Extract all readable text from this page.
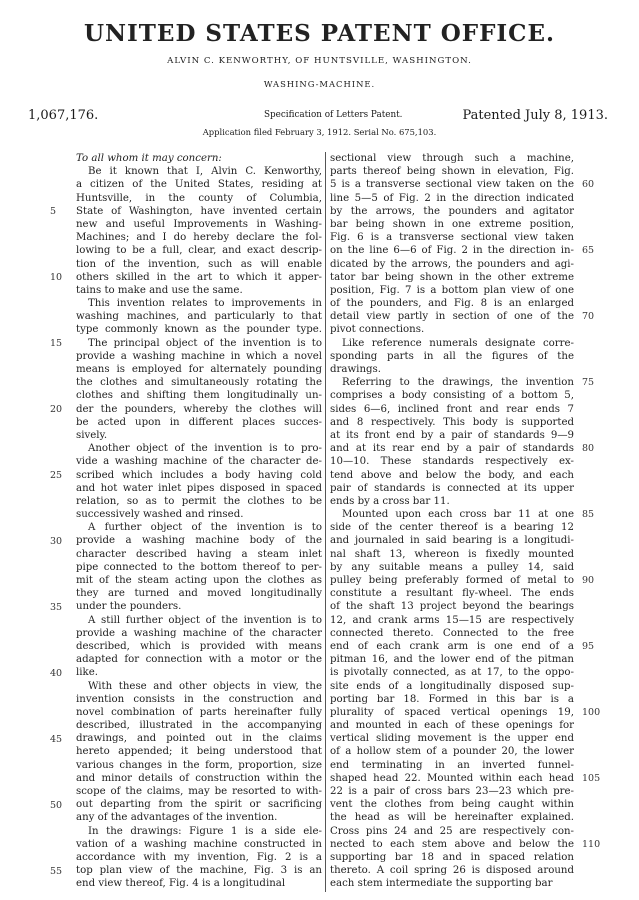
UNITED STATES PATENT OFFICE.
ALVIN C. KENWORTHY, OF HUNTSVILLE, WASHINGTON.
WASHING-MACHINE.
1,067,176.	Specification of Letters Patent.	Patented July 8, 1913.
Application filed February 3, 1912. Serial No. 675,103.
To all whom it may concern:
Be it known that I, Alvin C. Kenworthy,
a citizen of the United States, residing at
Huntsville, in the county of Columbia,
State of Washington, have invented certain
new and useful Improvements in Washing-
Machines; and I do hereby declare the fol-
lowing to be a full, clear, and exact descrip-
tion of the invention, such as will enable
others skilled in the art to which it apper-
tains to make and use the same.
This invention relates to improvements in
washing machines, and particularly to that
type commonly known as the pounder type.
The principal object of the invention is to
provide a washing machine in which a novel
means is employed for alternately pounding
the clothes and simultaneously rotating the
clothes and shifting them longitudinally un-
der the pounders, whereby the clothes will
be acted upon in different places succes-
sively.
Another object of the invention is to pro-
vide a washing machine of the character de-
scribed which includes a body having cold
and hot water inlet pipes disposed in spaced
relation, so as to permit the clothes to be
successively washed and rinsed.
A further object of the invention is to
provide a washing machine body of the
character described having a steam inlet
pipe connected to the bottom thereof to per-
mit of the steam acting upon the clothes as
they are turned and moved longitudinally
under the pounders.
A still further object of the invention is to
provide a washing machine of the character
described, which is provided with means
adapted for connection with a motor or the
like.
With these and other objects in view, the
invention consists in the construction and
novel combination of parts hereinafter fully
described, illustrated in the accompanying
drawings, and pointed out in the claims
hereto appended; it being understood that
various changes in the form, proportion, size
and minor details of construction within the
scope of the claims, may be resorted to with-
out departing from the spirit or sacrificing
any of the advantages of the invention.
In the drawings: Figure 1 is a side ele-
vation of a washing machine constructed in
accordance with my invention, Fig. 2 is a
top plan view of the machine, Fig. 3 is an
end view thereof, Fig. 4 is a longitudinal
sectional view through such a machine,
parts thereof being shown in elevation, Fig.
5 is a transverse sectional view taken on the
line 5—5 of Fig. 2 in the direction indicated
by the arrows, the pounders and agitator
bar being shown in one extreme position,
Fig. 6 is a transverse sectional view taken
on the line 6—6 of Fig. 2 in the direction in-
dicated by the arrows, the pounders and agi-
tator bar being shown in the other extreme
position, Fig. 7 is a bottom plan view of one
of the pounders, and Fig. 8 is an enlarged
detail view partly in section of one of the
pivot connections.
Like reference numerals designate corre-
sponding parts in all the figures of the
drawings.
Referring to the drawings, the invention
comprises a body consisting of a bottom 5,
sides 6—6, inclined front and rear ends 7
and 8 respectively. This body is supported
at its front end by a pair of standards 9—9
and at its rear end by a pair of standards
10—10. These standards respectively ex-
tend above and below the body, and each
pair of standards is connected at its upper
ends by a cross bar 11.
Mounted upon each cross bar 11 at one
side of the center thereof is a bearing 12
and journaled in said bearing is a longitudi-
nal shaft 13, whereon is fixedly mounted
by any suitable means a pulley 14, said
pulley being preferably formed of metal to
constitute a resultant fly-wheel. The ends
of the shaft 13 project beyond the bearings
12, and crank arms 15—15 are respectively
connected thereto. Connected to the free
end of each crank arm is one end of a
pitman 16, and the lower end of the pitman
is pivotally connected, as at 17, to the oppo-
site ends of a longitudinally disposed sup-
porting bar 18. Formed in this bar is a
plurality of spaced vertical openings 19,
and mounted in each of these openings for
vertical sliding movement is the upper end
of a hollow stem of a pounder 20, the lower
end terminating in an inverted funnel-
shaped head 22. Mounted within each head
22 is a pair of cross bars 23—23 which pre-
vent the clothes from being caught within
the head as will be hereinafter explained.
Cross pins 24 and 25 are respectively con-
nected to each stem above and below the
supporting bar 18 and in spaced relation
thereto. A coil spring 26 is disposed around
each stem intermediate the supporting bar
5
10
15
20
25
30
35
40
45
50
55
60
65
70
75
80
85
90
95
100
105
110
